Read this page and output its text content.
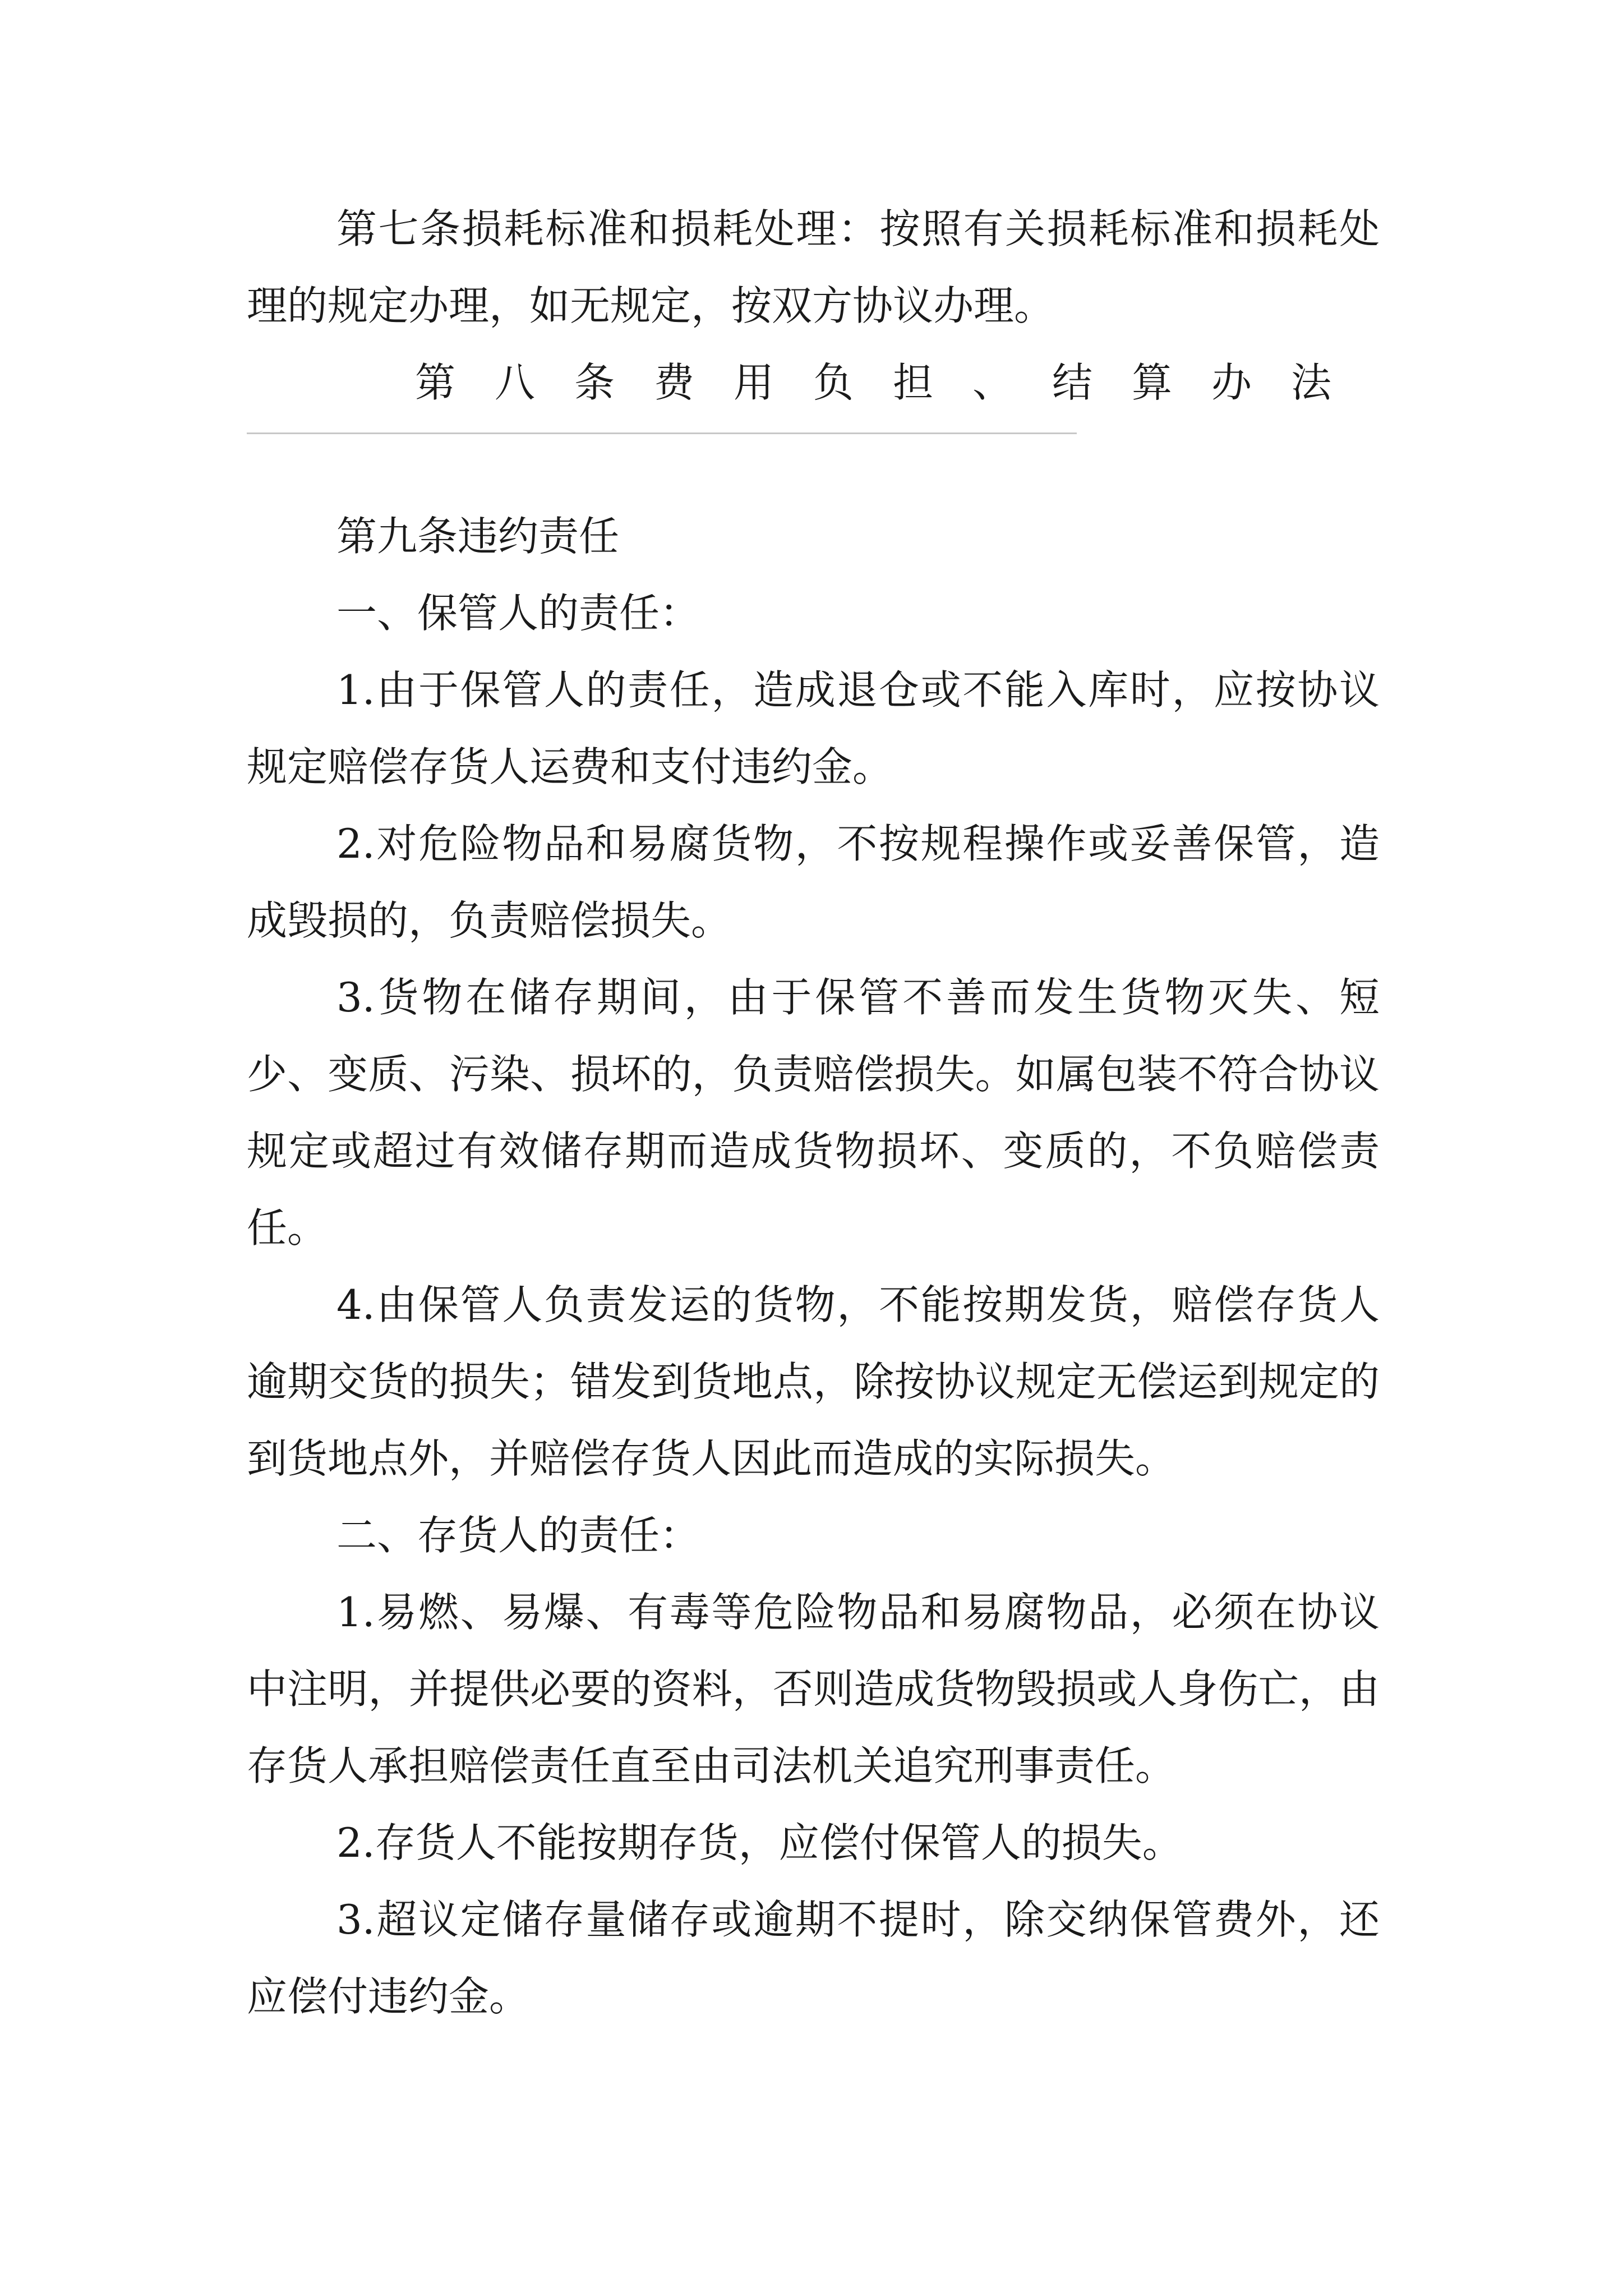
第七条损耗标准和损耗处理：按照有关损耗标准和损耗处理的规定办理，如无规定，按双方协议办理。

第八条费用负担、结算办法

第九条违约责任

一、保管人的责任：

1.由于保管人的责任，造成退仓或不能入库时，应按协议规定赔偿存货人运费和支付违约金。

2.对危险物品和易腐货物，不按规程操作或妥善保管，造成毁损的，负责赔偿损失。

3.货物在储存期间，由于保管不善而发生货物灭失、短少、变质、污染、损坏的，负责赔偿损失。如属包装不符合协议规定或超过有效储存期而造成货物损坏、变质的，不负赔偿责任。

4.由保管人负责发运的货物，不能按期发货，赔偿存货人逾期交货的损失；错发到货地点，除按协议规定无偿运到规定的到货地点外，并赔偿存货人因此而造成的实际损失。

二、存货人的责任：

1.易燃、易爆、有毒等危险物品和易腐物品，必须在协议中注明，并提供必要的资料，否则造成货物毁损或人身伤亡，由存货人承担赔偿责任直至由司法机关追究刑事责任。

2.存货人不能按期存货，应偿付保管人的损失。

3.超议定储存量储存或逾期不提时，除交纳保管费外，还应偿付违约金。
